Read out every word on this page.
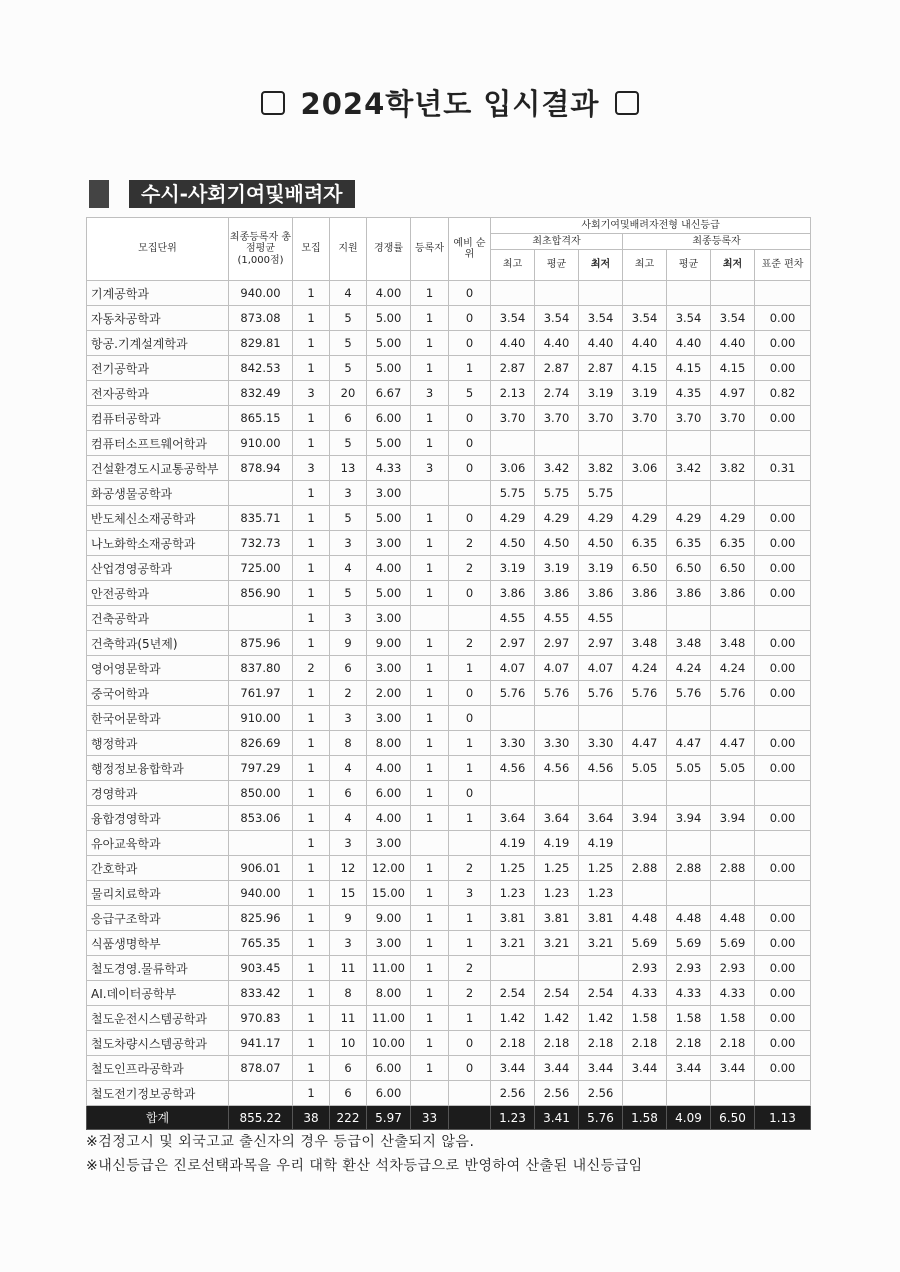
2024학년도 입시결과
수시-사회기여및배려자
모집단위	최종등록자 총점평균 (1,000점)	모집	지원	경쟁률	등록자	예비 순위	사회기여및배려자전형 내신등급						
							최초합격자			최종등록자			
							최고	평균	최저	최고	평균	최저	표준 편차
기계공학과	940.00	1	4	4.00	1	0							
자동차공학과	873.08	1	5	5.00	1	0	3.54	3.54	3.54	3.54	3.54	3.54	0.00
항공.기계설계학과	829.81	1	5	5.00	1	0	4.40	4.40	4.40	4.40	4.40	4.40	0.00
전기공학과	842.53	1	5	5.00	1	1	2.87	2.87	2.87	4.15	4.15	4.15	0.00
전자공학과	832.49	3	20	6.67	3	5	2.13	2.74	3.19	3.19	4.35	4.97	0.82
컴퓨터공학과	865.15	1	6	6.00	1	0	3.70	3.70	3.70	3.70	3.70	3.70	0.00
컴퓨터소프트웨어학과	910.00	1	5	5.00	1	0							
건설환경도시교통공학부	878.94	3	13	4.33	3	0	3.06	3.42	3.82	3.06	3.42	3.82	0.31
화공생물공학과		1	3	3.00			5.75	5.75	5.75				
반도체신소재공학과	835.71	1	5	5.00	1	0	4.29	4.29	4.29	4.29	4.29	4.29	0.00
나노화학소재공학과	732.73	1	3	3.00	1	2	4.50	4.50	4.50	6.35	6.35	6.35	0.00
산업경영공학과	725.00	1	4	4.00	1	2	3.19	3.19	3.19	6.50	6.50	6.50	0.00
안전공학과	856.90	1	5	5.00	1	0	3.86	3.86	3.86	3.86	3.86	3.86	0.00
건축공학과		1	3	3.00			4.55	4.55	4.55				
건축학과(5년제)	875.96	1	9	9.00	1	2	2.97	2.97	2.97	3.48	3.48	3.48	0.00
영어영문학과	837.80	2	6	3.00	1	1	4.07	4.07	4.07	4.24	4.24	4.24	0.00
중국어학과	761.97	1	2	2.00	1	0	5.76	5.76	5.76	5.76	5.76	5.76	0.00
한국어문학과	910.00	1	3	3.00	1	0							
행정학과	826.69	1	8	8.00	1	1	3.30	3.30	3.30	4.47	4.47	4.47	0.00
행정정보융합학과	797.29	1	4	4.00	1	1	4.56	4.56	4.56	5.05	5.05	5.05	0.00
경영학과	850.00	1	6	6.00	1	0							
융합경영학과	853.06	1	4	4.00	1	1	3.64	3.64	3.64	3.94	3.94	3.94	0.00
유아교육학과		1	3	3.00			4.19	4.19	4.19				
간호학과	906.01	1	12	12.00	1	2	1.25	1.25	1.25	2.88	2.88	2.88	0.00
물리치료학과	940.00	1	15	15.00	1	3	1.23	1.23	1.23				
응급구조학과	825.96	1	9	9.00	1	1	3.81	3.81	3.81	4.48	4.48	4.48	0.00
식품생명학부	765.35	1	3	3.00	1	1	3.21	3.21	3.21	5.69	5.69	5.69	0.00
철도경영.물류학과	903.45	1	11	11.00	1	2				2.93	2.93	2.93	0.00
AI.데이터공학부	833.42	1	8	8.00	1	2	2.54	2.54	2.54	4.33	4.33	4.33	0.00
철도운전시스템공학과	970.83	1	11	11.00	1	1	1.42	1.42	1.42	1.58	1.58	1.58	0.00
철도차량시스템공학과	941.17	1	10	10.00	1	0	2.18	2.18	2.18	2.18	2.18	2.18	0.00
철도인프라공학과	878.07	1	6	6.00	1	0	3.44	3.44	3.44	3.44	3.44	3.44	0.00
철도전기정보공학과		1	6	6.00			2.56	2.56	2.56				
합계	855.22	38	222	5.97	33		1.23	3.41	5.76	1.58	4.09	6.50	1.13
※검정고시 및 외국고교 출신자의 경우 등급이 산출되지 않음.
※내신등급은 진로선택과목을 우리 대학 환산 석차등급으로 반영하여 산출된 내신등급임
